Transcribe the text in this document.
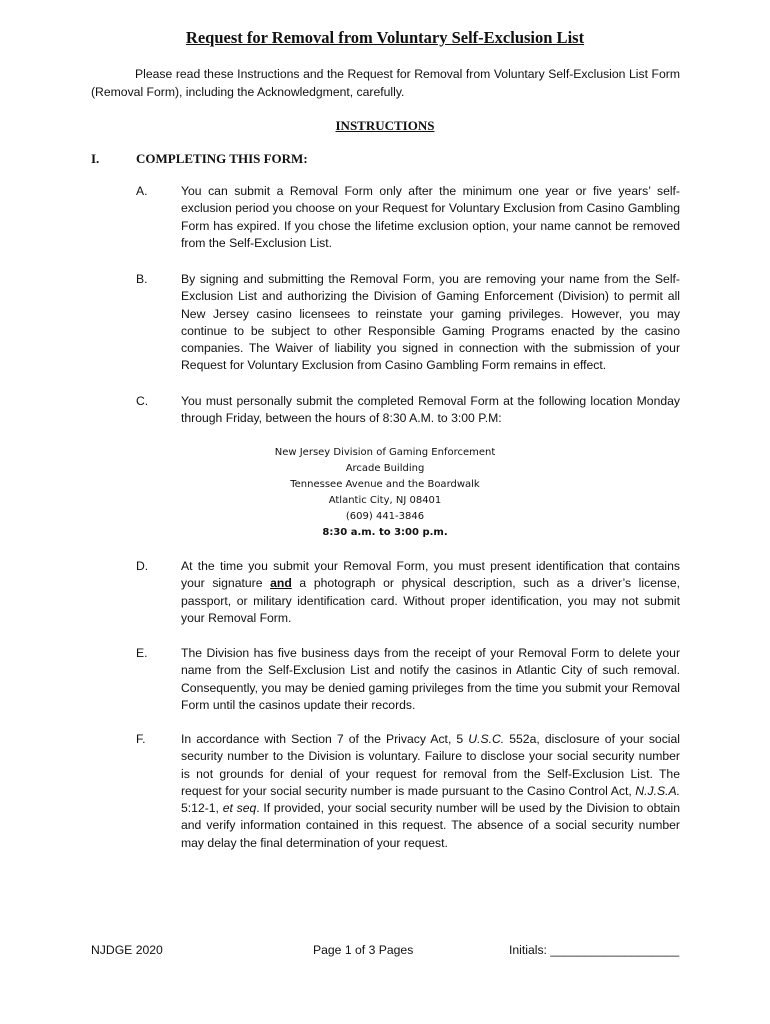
Request for Removal from Voluntary Self-Exclusion List
Please read these Instructions and the Request for Removal from Voluntary Self-Exclusion List Form (Removal Form), including the Acknowledgment, carefully.
INSTRUCTIONS
I.	COMPLETING THIS FORM:
A.	You can submit a Removal Form only after the minimum one year or five years’ self-exclusion period you choose on your Request for Voluntary Exclusion from Casino Gambling Form has expired. If you chose the lifetime exclusion option, your name cannot be removed from the Self-Exclusion List.
B.	By signing and submitting the Removal Form, you are removing your name from the Self-Exclusion List and authorizing the Division of Gaming Enforcement (Division) to permit all New Jersey casino licensees to reinstate your gaming privileges. However, you may continue to be subject to other Responsible Gaming Programs enacted by the casino companies. The Waiver of liability you signed in connection with the submission of your Request for Voluntary Exclusion from Casino Gambling Form remains in effect.
C.	You must personally submit the completed Removal Form at the following location Monday through Friday, between the hours of 8:30 A.M. to 3:00 P.M:
New Jersey Division of Gaming Enforcement
Arcade Building
Tennessee Avenue and the Boardwalk
Atlantic City, NJ 08401
(609) 441-3846
8:30 a.m. to 3:00 p.m.
D.	At the time you submit your Removal Form, you must present identification that contains your signature and a photograph or physical description, such as a driver’s license, passport, or military identification card. Without proper identification, you may not submit your Removal Form.
E.	The Division has five business days from the receipt of your Removal Form to delete your name from the Self-Exclusion List and notify the casinos in Atlantic City of such removal. Consequently, you may be denied gaming privileges from the time you submit your Removal Form until the casinos update their records.
F.	In accordance with Section 7 of the Privacy Act, 5 U.S.C. 552a, disclosure of your social security number to the Division is voluntary. Failure to disclose your social security number is not grounds for denial of your request for removal from the Self-Exclusion List. The request for your social security number is made pursuant to the Casino Control Act, N.J.S.A. 5:12-1, et seq. If provided, your social security number will be used by the Division to obtain and verify information contained in this request. The absence of a social security number may delay the final determination of your request.
NJDGE 2020	Page 1 of 3 Pages	Initials: ___________________
